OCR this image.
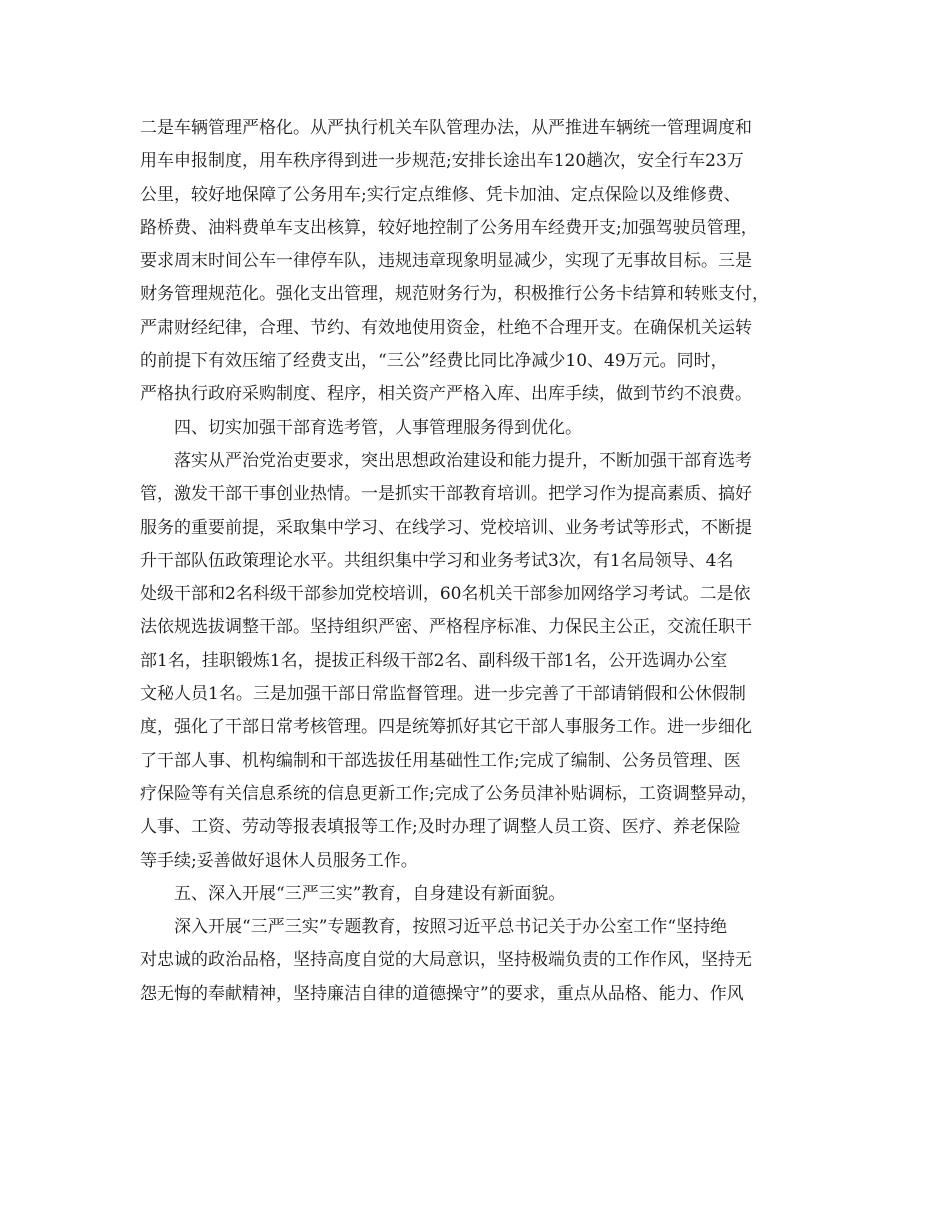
二是车辆管理严格化。从严执行机关车队管理办法，从严推进车辆统一管理调度和
用车申报制度，用车秩序得到进一步规范;安排长途出车120趟次，安全行车23万
公里，较好地保障了公务用车;实行定点维修、凭卡加油、定点保险以及维修费、
路桥费、油料费单车支出核算，较好地控制了公务用车经费开支;加强驾驶员管理，
要求周末时间公车一律停车队，违规违章现象明显减少，实现了无事故目标。三是
财务管理规范化。强化支出管理，规范财务行为，积极推行公务卡结算和转账支付，
严肃财经纪律，合理、节约、有效地使用资金，杜绝不合理开支。在确保机关运转
的前提下有效压缩了经费支出，“三公”经费比同比净减少10、49万元。同时，
严格执行政府采购制度、程序，相关资产严格入库、出库手续，做到节约不浪费。
四、切实加强干部育选考管，人事管理服务得到优化。
落实从严治党治吏要求，突出思想政治建设和能力提升，不断加强干部育选考
管，激发干部干事创业热情。一是抓实干部教育培训。把学习作为提高素质、搞好
服务的重要前提，采取集中学习、在线学习、党校培训、业务考试等形式，不断提
升干部队伍政策理论水平。共组织集中学习和业务考试3次，有1名局领导、4名
处级干部和2名科级干部参加党校培训，60名机关干部参加网络学习考试。二是依
法依规选拔调整干部。坚持组织严密、严格程序标准、力保民主公正，交流任职干
部1名，挂职锻炼1名，提拔正科级干部2名、副科级干部1名，公开选调办公室
文秘人员1名。三是加强干部日常监督管理。进一步完善了干部请销假和公休假制
度，强化了干部日常考核管理。四是统筹抓好其它干部人事服务工作。进一步细化
了干部人事、机构编制和干部选拔任用基础性工作;完成了编制、公务员管理、医
疗保险等有关信息系统的信息更新工作;完成了公务员津补贴调标，工资调整异动，
人事、工资、劳动等报表填报等工作;及时办理了调整人员工资、医疗、养老保险
等手续;妥善做好退休人员服务工作。
五、深入开展“三严三实”教育，自身建设有新面貌。
深入开展“三严三实”专题教育，按照习近平总书记关于办公室工作“坚持绝
对忠诚的政治品格，坚持高度自觉的大局意识，坚持极端负责的工作作风，坚持无
怨无悔的奉献精神，坚持廉洁自律的道德操守”的要求，重点从品格、能力、作风
